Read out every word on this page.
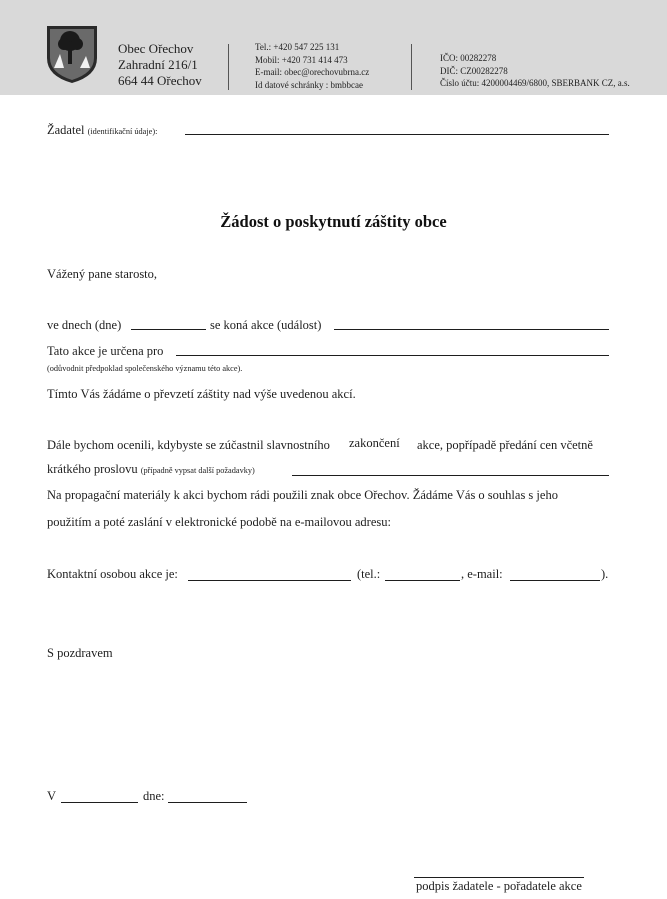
Obec Ořechov
Zahradní 216/1
664 44 Ořechov
Tel.: +420 547 225 131
Mobil: +420 731 414 473
E-mail: obec@orechovubrna.cz
Id datové schránky : bmbbcae
IČO: 00282278
DIČ: CZ00282278
Číslo účtu: 4200004469/6800, SBERBANK CZ, a.s.
Žadatel (identifikační údaje):
Žádost o poskytnutí záštity obce
Vážený pane starosto,
ve dnech (dne)	se koná akce (událost)
Tato akce je určena pro
(odůvodnit předpoklad společenského významu této akce).
Tímto Vás žádáme o převzetí záštity nad výše uvedenou akcí.
Dále bychom ocenili, kdybyste se zúčastnil slavnostního zakončení akce, popřípadě předání cen včetně
krátkého proslovu (případně vypsat další požadavky)
Na propagační materiály k akci bychom rádi použili znak obce Ořechov. Žádáme Vás o souhlas s jeho
použitím a poté zaslání v elektronické podobě na e-mailovou adresu:
Kontaktní osobou akce je:	(tel.:	, e-mail:	).
S pozdravem
V	dne:
podpis žadatele - pořadatele akce
